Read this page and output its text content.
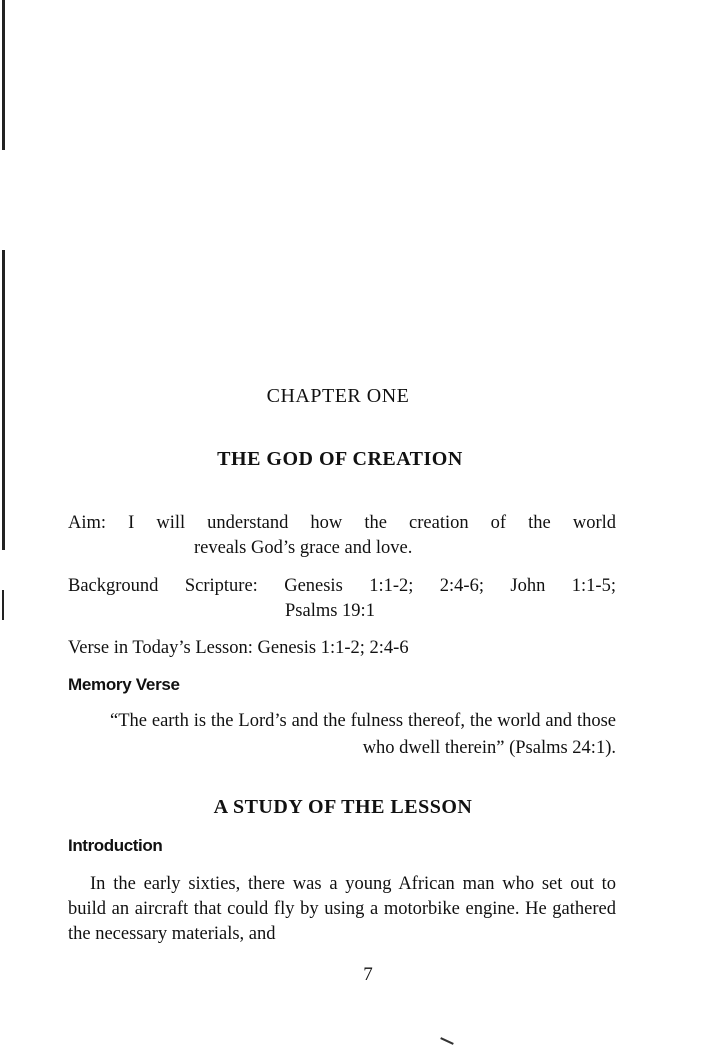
CHAPTER ONE
THE GOD OF CREATION
Aim: I will understand how the creation of the world
reveals God’s grace and love.
Background Scripture: Genesis 1:1-2; 2:4-6; John 1:1-5;
Psalms 19:1
Verse in Today’s Lesson: Genesis 1:1-2; 2:4-6
Memory Verse
“The earth is the Lord’s and the fulness thereof, the world and those who dwell therein” (Psalms 24:1).
A STUDY OF THE LESSON
Introduction
In the early sixties, there was a young African man who set out to build an aircraft that could fly by using a motorbike engine. He gathered the necessary materials, and
7
